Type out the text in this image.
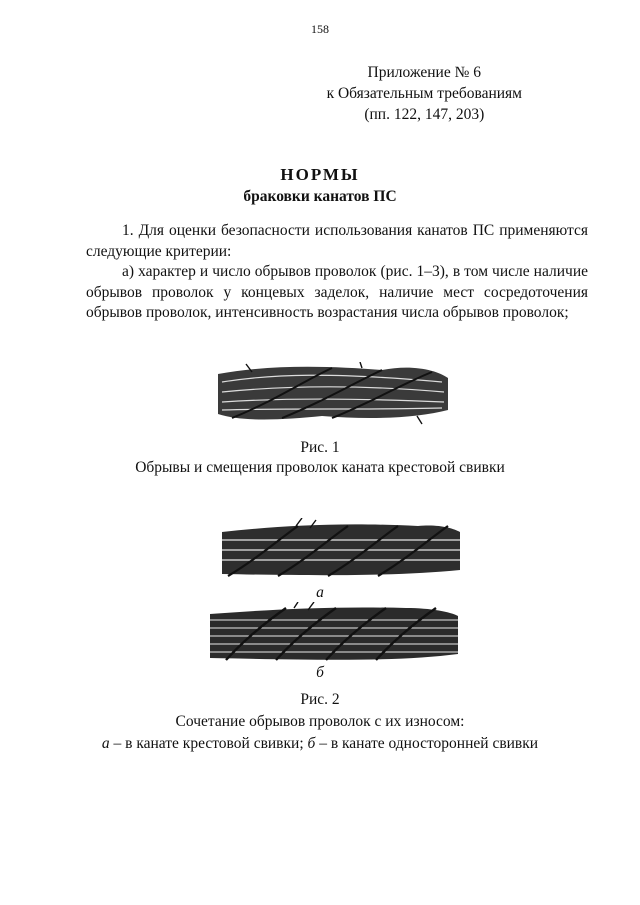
158
Приложение № 6
к Обязательным требованиям
(пп. 122, 147, 203)
НОРМЫ
браковки канатов ПС

1. Для оценки безопасности использования канатов ПС применяются следующие критерии:

а) характер и число обрывов проволок (рис. 1–3), в том числе наличие обрывов проволок у концевых заделок, наличие мест сосредоточения обрывов проволок, интенсивность возрастания числа обрывов проволок;

Рис. 1
Обрывы и смещения проволок каната крестовой свивки
а
б
Рис. 2
Сочетание обрывов проволок с их износом:
а – в канате крестовой свивки; б – в канате односторонней свивки
